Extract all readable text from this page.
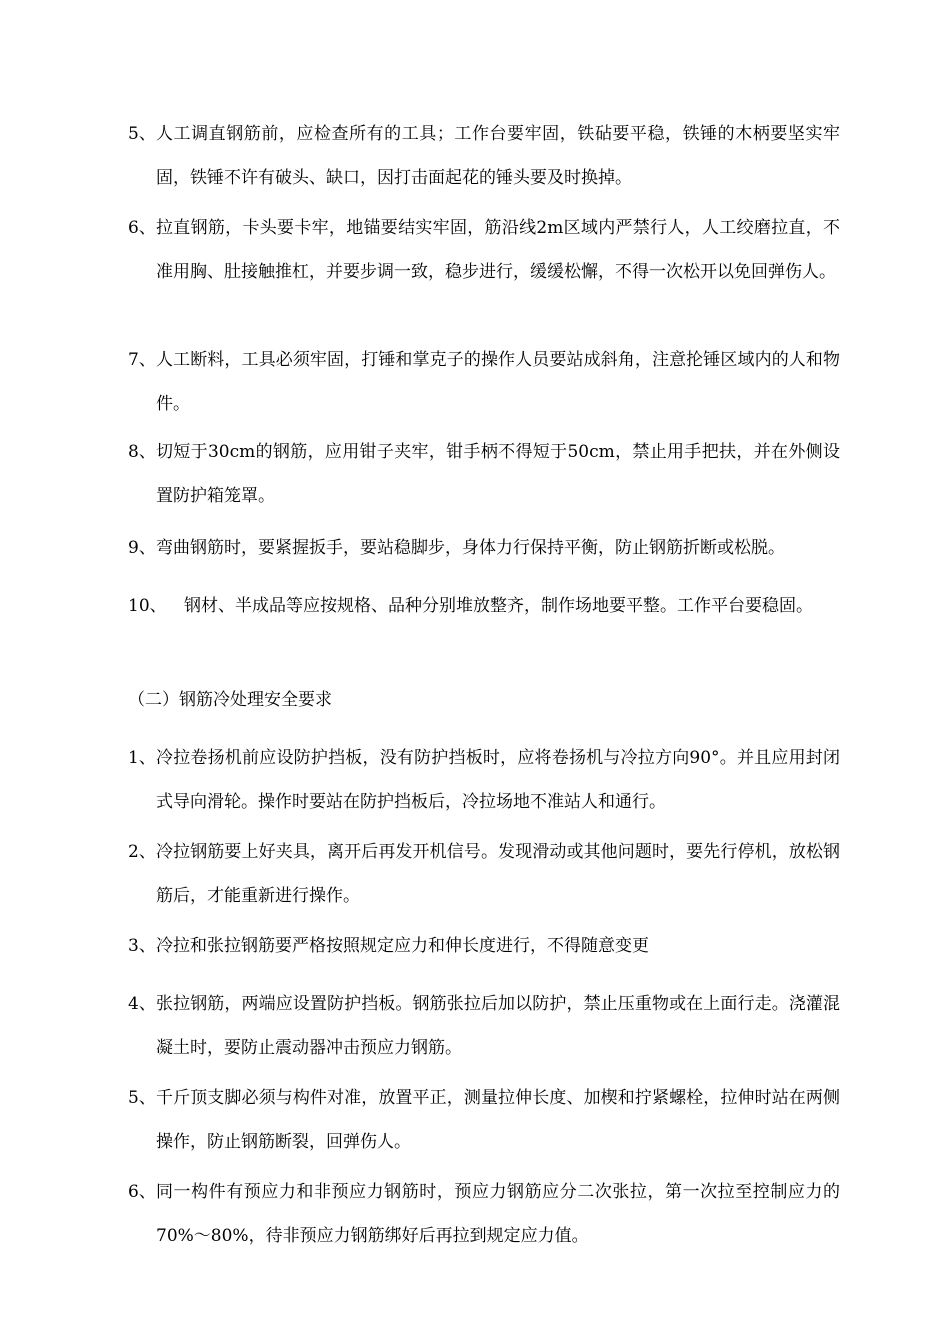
5、 人工调直钢筋前，应检查所有的工具；工作台要牢固，铁砧要平稳，铁锤的木柄要坚实牢固，铁锤不许有破头、缺口，因打击面起花的锤头要及时换掉。
6、 拉直钢筋，卡头要卡牢，地锚要结实牢固，筋沿线2m区域内严禁行人，人工绞磨拉直，不准用胸、肚接触推杠，并要步调一致，稳步进行，缓缓松懈，不得一次松开以免回弹伤人。
7、 人工断料，工具必须牢固，打锤和掌克子的操作人员要站成斜角，注意抡锤区域内的人和物件。
8、 切短于30cm的钢筋，应用钳子夹牢，钳手柄不得短于50cm，禁止用手把扶，并在外侧设置防护箱笼罩。
9、 弯曲钢筋时，要紧握扳手，要站稳脚步，身体力行保持平衡，防止钢筋折断或松脱。
10、	钢材、半成品等应按规格、品种分别堆放整齐，制作场地要平整。工作平台要稳固。
（二）钢筋冷处理安全要求
1、 冷拉卷扬机前应设防护挡板，没有防护挡板时，应将卷扬机与冷拉方向90°。并且应用封闭式导向滑轮。操作时要站在防护挡板后，冷拉场地不准站人和通行。
2、 冷拉钢筋要上好夹具，离开后再发开机信号。发现滑动或其他问题时，要先行停机，放松钢筋后，才能重新进行操作。
3、 冷拉和张拉钢筋要严格按照规定应力和伸长度进行，不得随意变更
4、 张拉钢筋，两端应设置防护挡板。钢筋张拉后加以防护，禁止压重物或在上面行走。浇灌混凝土时，要防止震动器冲击预应力钢筋。
5、 千斤顶支脚必须与构件对准，放置平正，测量拉伸长度、加楔和拧紧螺栓，拉伸时站在两侧操作，防止钢筋断裂，回弹伤人。
6、 同一构件有预应力和非预应力钢筋时，预应力钢筋应分二次张拉，第一次拉至控制应力的70%～80%，待非预应力钢筋绑好后再拉到规定应力值。
